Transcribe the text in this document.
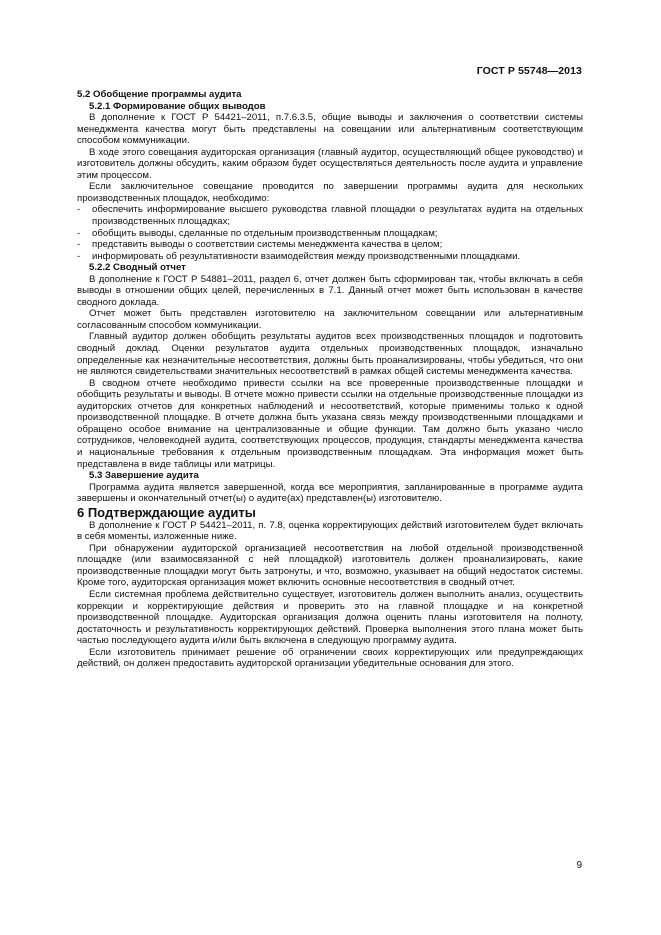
ГОСТ Р 55748—2013

5.2 Обобщение программы аудита

5.2.1 Формирование общих выводов

В дополнение к ГОСТ Р 54421–2011, п.7.6.3.5, общие выводы и заключения о соответствии системы менеджмента качества могут быть представлены на совещании или альтернативным соответствующим способом коммуникации.

В ходе этого совещания аудиторская организация (главный аудитор, осуществляющий общее руководство) и изготовитель должны обсудить, каким образом будет осуществляться деятельность после аудита и управление этим процессом.

Если заключительное совещание проводится по завершении программы аудита для нескольких производственных площадок, необходимо:

-	обеспечить информирование высшего руководства главной площадки о результатах аудита на отдельных производственных площадках;
-	обобщить выводы, сделанные по отдельным производственным площадкам;
-	представить выводы о соответствии системы менеджмента качества в целом;
-	информировать об результативности взаимодействия между производственными площадками.

5.2.2 Сводный отчет

В дополнение к ГОСТ Р 54881–2011, раздел 6, отчет должен быть сформирован так, чтобы включать в себя выводы в отношении общих целей, перечисленных в 7.1. Данный отчет может быть использован в качестве сводного доклада.

Отчет может быть представлен изготовителю на заключительном совещании или альтернативным согласованным способом коммуникации.

Главный аудитор должен обобщить результаты аудитов всех производственных площадок и подготовить сводный доклад. Оценки результатов аудита отдельных производственных площадок, изначально определенные как незначительные несоответствия, должны быть проанализированы, чтобы убедиться, что они не являются свидетельствами значительных несоответствий в рамках общей системы менеджмента качества.

В сводном отчете необходимо привести ссылки на все проверенные производственные площадки и обобщить результаты и выводы. В отчете можно привести ссылки на отдельные производственные площадки из аудиторских отчетов для конкретных наблюдений и несоответствий, которые применимы только к одной производственной площадке. В отчете должна быть указана связь между производственными площадками и обращено особое внимание на централизованные и общие функции. Там должно быть указано число сотрудников, человекодней аудита, соответствующих процессов, продукция, стандарты менеджмента качества и национальные требования к отдельным производственным площадкам. Эта информация может быть представлена в виде таблицы или матрицы.

5.3 Завершение аудита

Программа аудита является завершенной, когда все мероприятия, запланированные в программе аудита завершены и окончательный отчет(ы) о аудите(ах) представлен(ы) изготовителю.

6 Подтверждающие аудиты

В дополнение к ГОСТ Р 54421–2011, п. 7.8, оценка корректирующих действий изготовителем будет включать в себя моменты, изложенные ниже.

При обнаружении аудиторской организацией несоответствия на любой отдельной производственной площадке (или взаимосвязанной с ней площадкой) изготовитель должен проанализировать, какие производственные площадки могут быть затронуты, и что, возможно, указывает на общий недостаток системы. Кроме того, аудиторская организация может включить основные несоответствия в сводный отчет.

Если системная проблема действительно существует, изготовитель должен выполнить анализ, осуществить коррекции и корректирующие действия и проверить это на главной площадке и на конкретной производственной площадке. Аудиторская организация должна оценить планы изготовителя на полноту, достаточность и результативность корректирующих действий. Проверка выполнения этого плана может быть частью последующего аудита и/или быть включена в следующую программу аудита.

Если изготовитель принимает решение об ограничении своих корректирующих или предупреждающих действий, он должен предоставить аудиторской организации убедительные основания для этого.

9
